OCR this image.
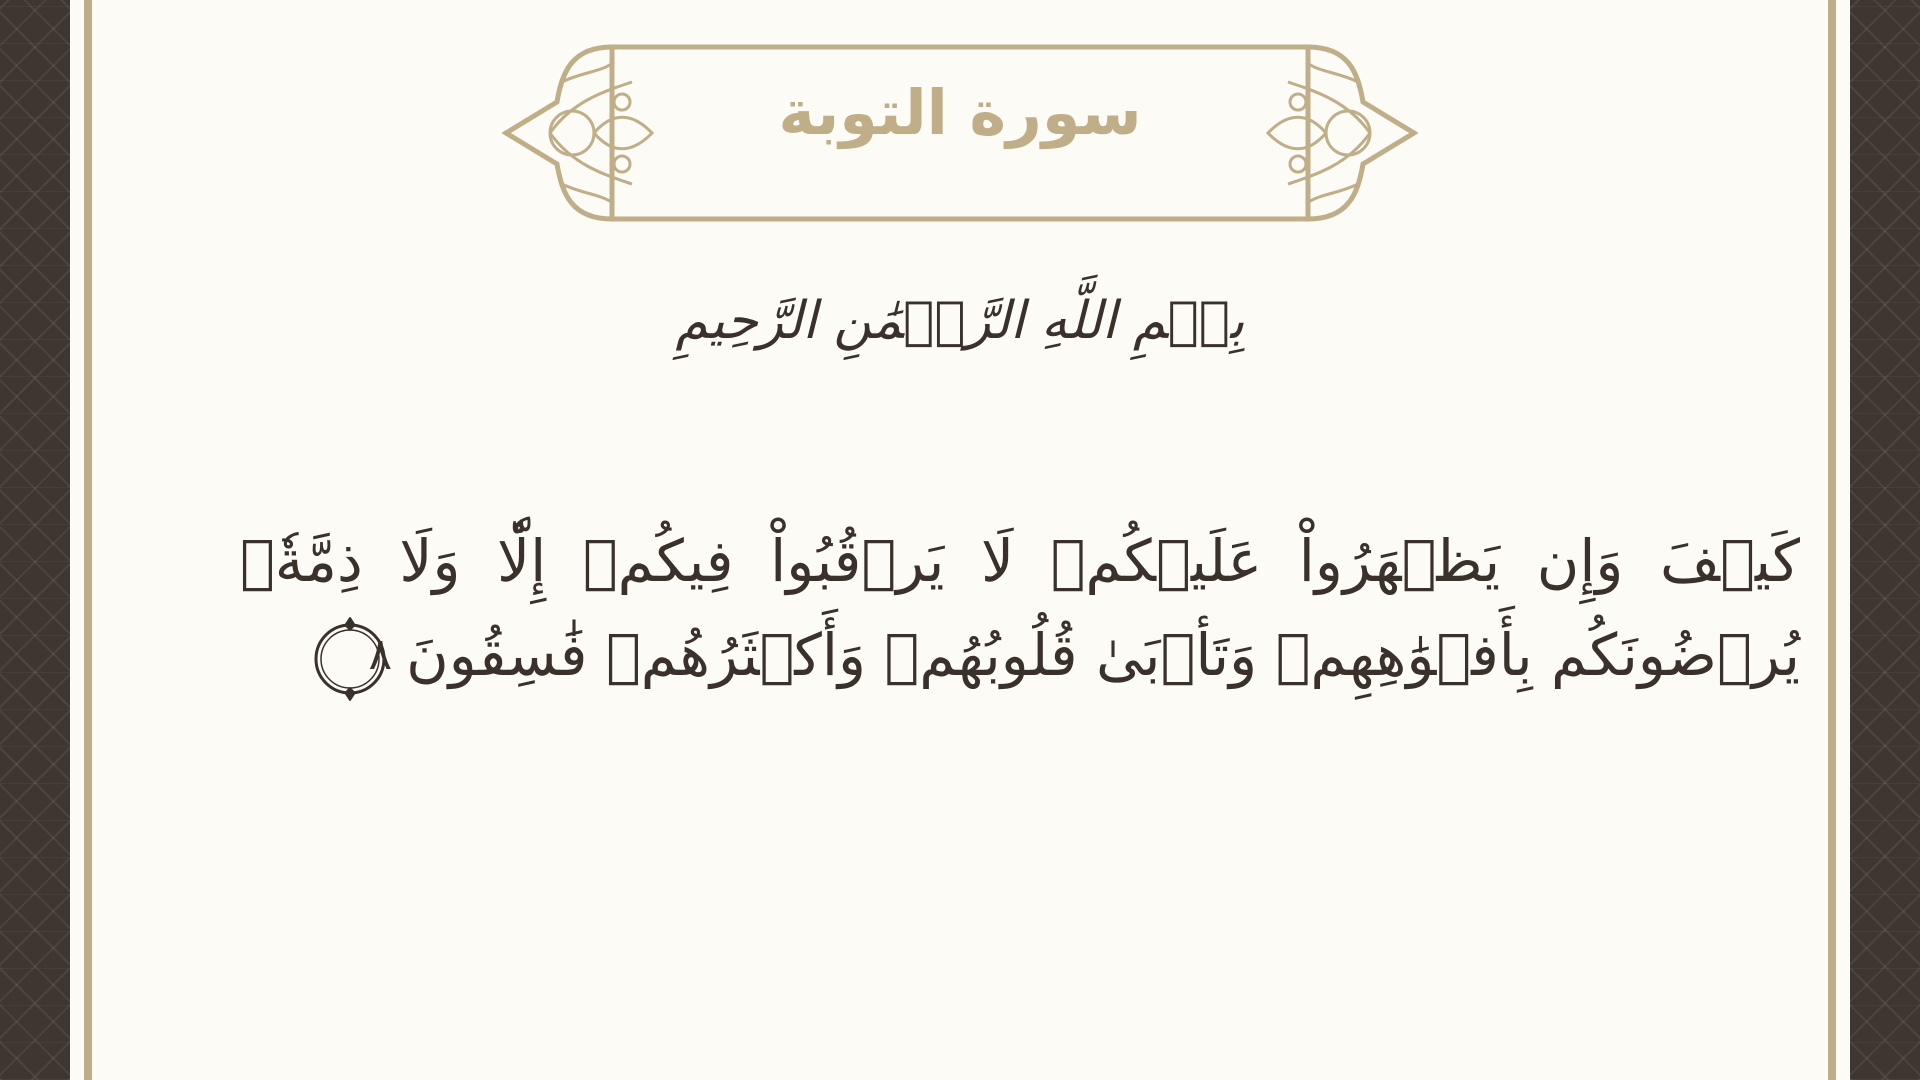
سورة التوبة
بِسۡمِ اللَّهِ الرَّحۡمَٰنِ الرَّحِيمِ
كَيۡفَ وَإِن يَظۡهَرُواْ عَلَيۡكُمۡ لَا يَرۡقُبُواْ فِيكُمۡ إِلّٗا وَلَا ذِمَّةٗۚ يُرۡضُونَكُم بِأَفۡوَٰهِهِمۡ وَتَأۡبَىٰ قُلُوبُهُمۡ وَأَكۡثَرُهُمۡ فَٰسِقُونَ
٨
